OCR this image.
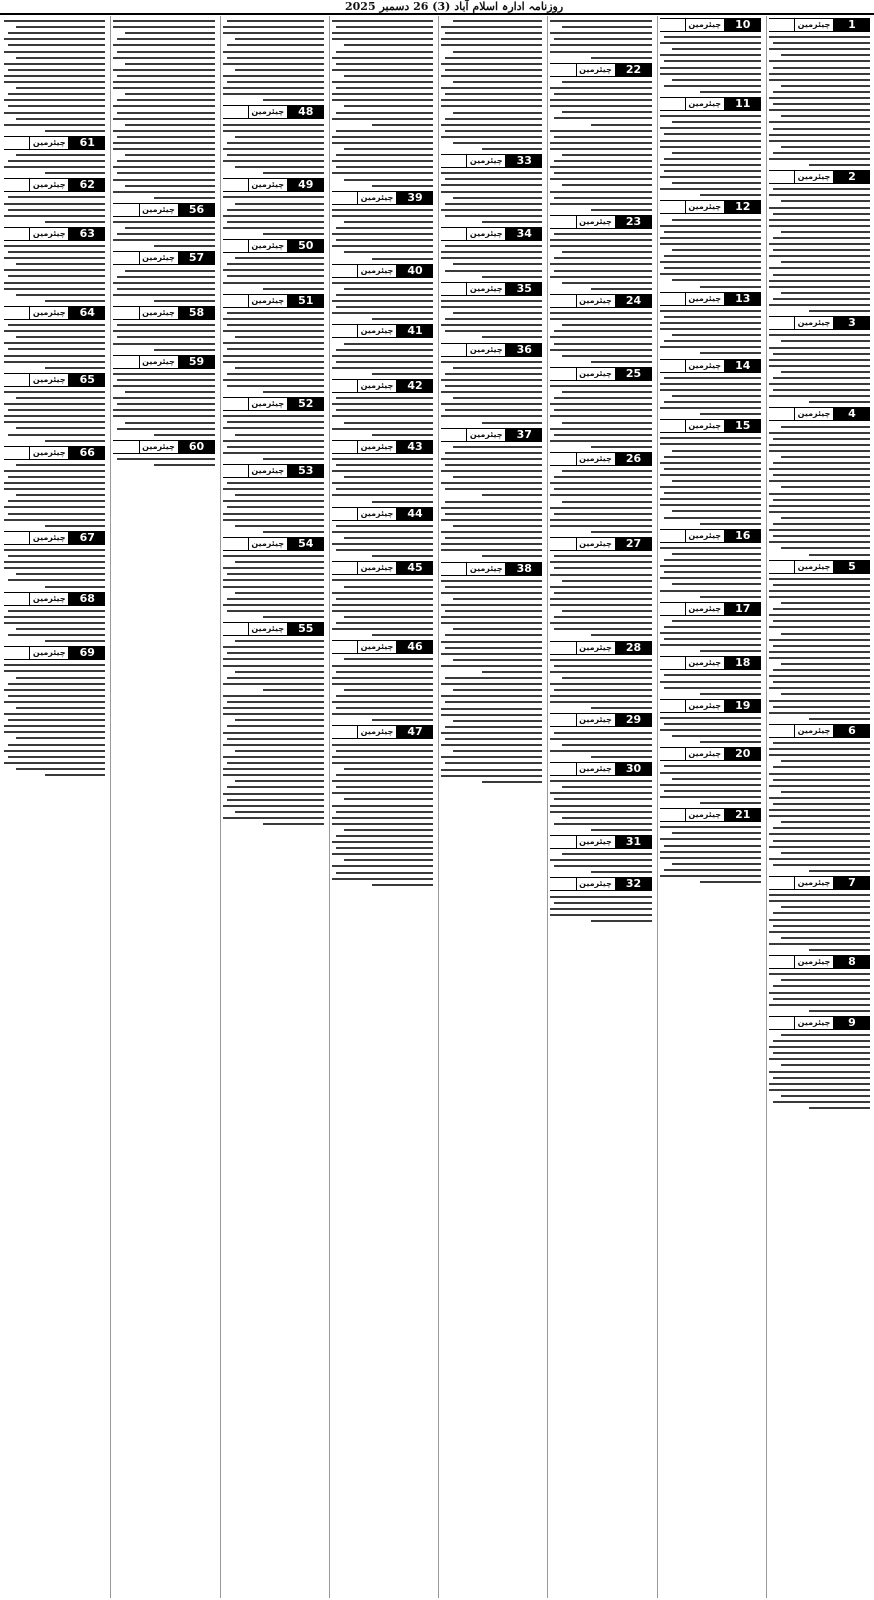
روزنامہ ادارہ اسلام آباد (3) 26 دسمبر 2025
1
چیئرمین
2
چیئرمین
3
چیئرمین
4
چیئرمین
5
چیئرمین
6
چیئرمین
7
چیئرمین
8
چیئرمین
9
چیئرمین
10
چیئرمین
11
چیئرمین
12
چیئرمین
13
چیئرمین
14
چیئرمین
15
چیئرمین
16
چیئرمین
17
چیئرمین
18
چیئرمین
19
چیئرمین
20
چیئرمین
21
چیئرمین
22
چیئرمین
23
چیئرمین
24
چیئرمین
25
چیئرمین
26
چیئرمین
27
چیئرمین
28
چیئرمین
29
چیئرمین
30
چیئرمین
31
چیئرمین
32
چیئرمین
33
چیئرمین
34
چیئرمین
35
چیئرمین
36
چیئرمین
37
چیئرمین
38
چیئرمین
39
چیئرمین
40
چیئرمین
41
چیئرمین
42
چیئرمین
43
چیئرمین
44
چیئرمین
45
چیئرمین
46
چیئرمین
47
چیئرمین
48
چیئرمین
49
چیئرمین
50
چیئرمین
51
چیئرمین
52
چیئرمین
53
چیئرمین
54
چیئرمین
55
چیئرمین
56
چیئرمین
57
چیئرمین
58
چیئرمین
59
چیئرمین
60
چیئرمین
61
چیئرمین
62
چیئرمین
63
چیئرمین
64
چیئرمین
65
چیئرمین
66
چیئرمین
67
چیئرمین
68
چیئرمین
69
چیئرمین
